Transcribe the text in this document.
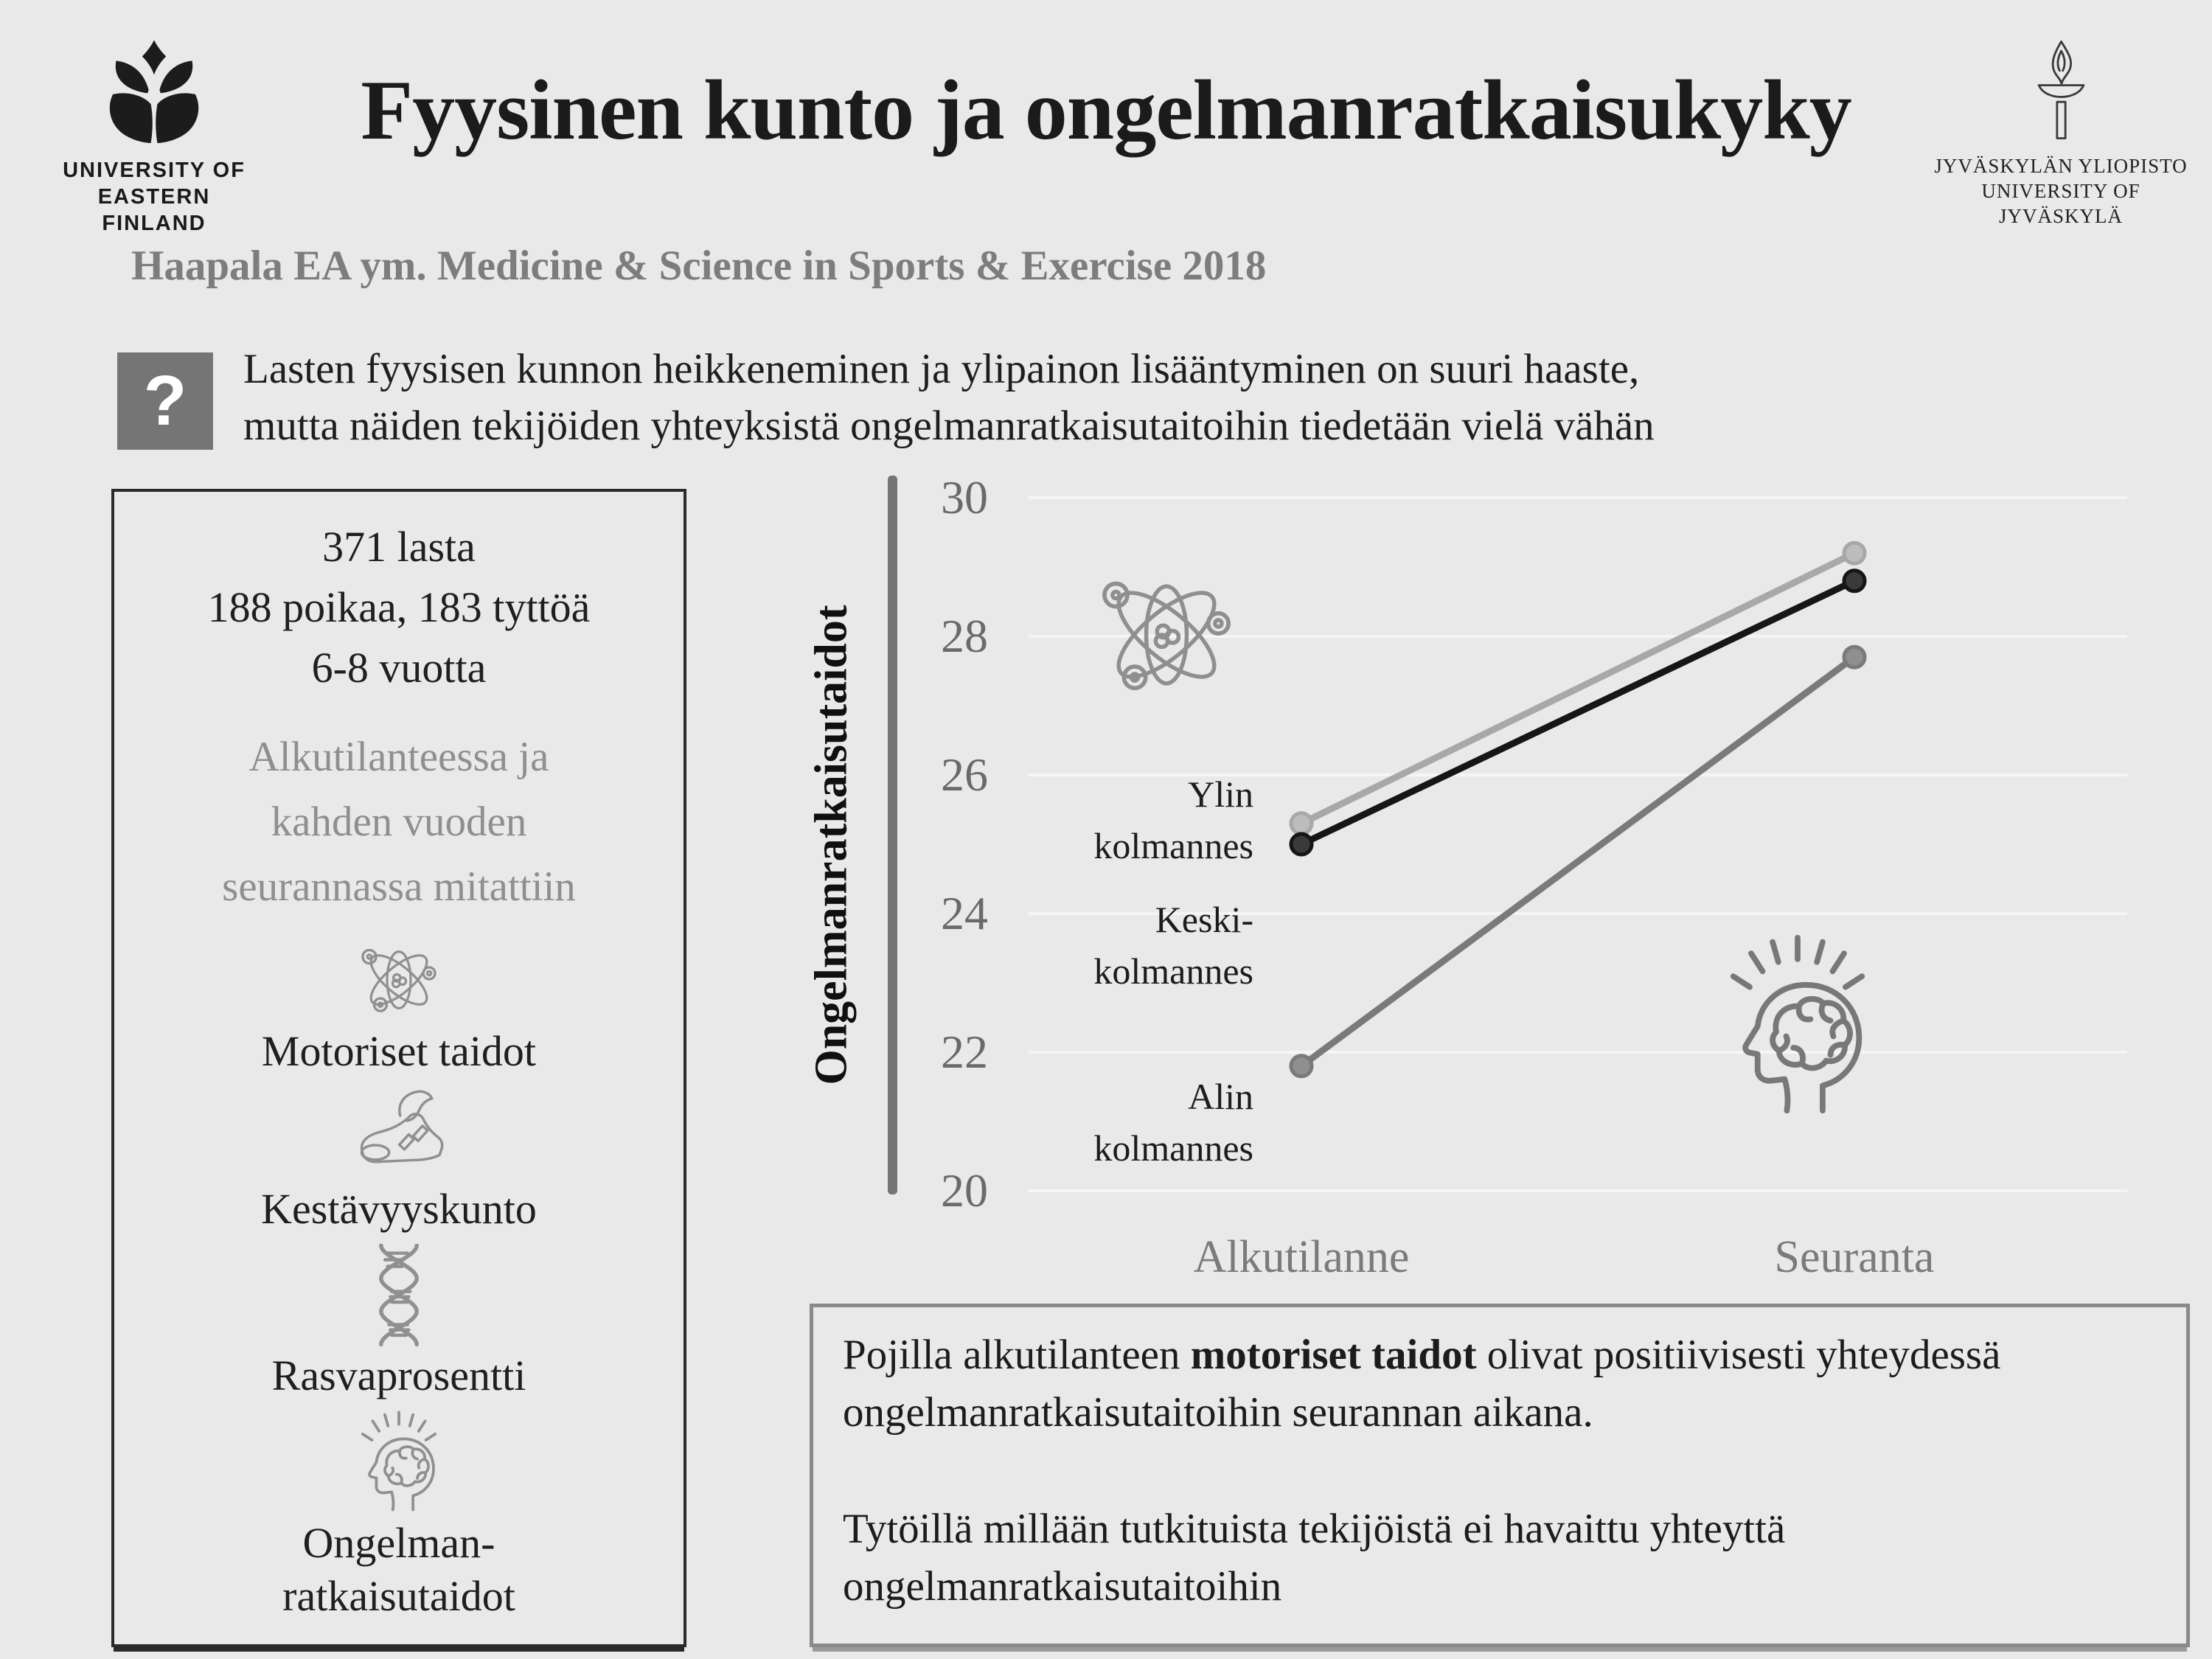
UNIVERSITY OF
EASTERN FINLAND
Fyysinen kunto ja ongelmanratkaisukyky
JYVÄSKYLÄN YLIOPISTO
UNIVERSITY OF JYVÄSKYLÄ
Haapala EA ym. Medicine & Science in Sports & Exercise 2018
? Lasten fyysisen kunnon heikkeneminen ja ylipainon lisääntyminen on suuri haaste,
mutta näiden tekijöiden yhteyksistä ongelmanratkaisutaitoihin tiedetään vielä vähän
371 lasta
188 poikaa, 183 tyttöä
6-8 vuotta
Alkutilanteessa ja
kahden vuoden
seurannassa mitattiin
Motoriset taidot
Kestävyyskunto
Rasvaprosentti
Ongelman-
ratkaisutaidot
Ongelmanratkaisutaidot
30
28
26
24
22
20
Alkutilanne	Seuranta
Ylin
kolmannes
Keski-
kolmannes
Alin
kolmannes

Pojilla alkutilanteen motoriset taidot olivat positiivisesti yhteydessä ongelmanratkaisutaitoihin seurannan aikana.

Tytöillä millään tutkituista tekijöistä ei havaittu yhteyttä ongelmanratkaisutaitoihin
